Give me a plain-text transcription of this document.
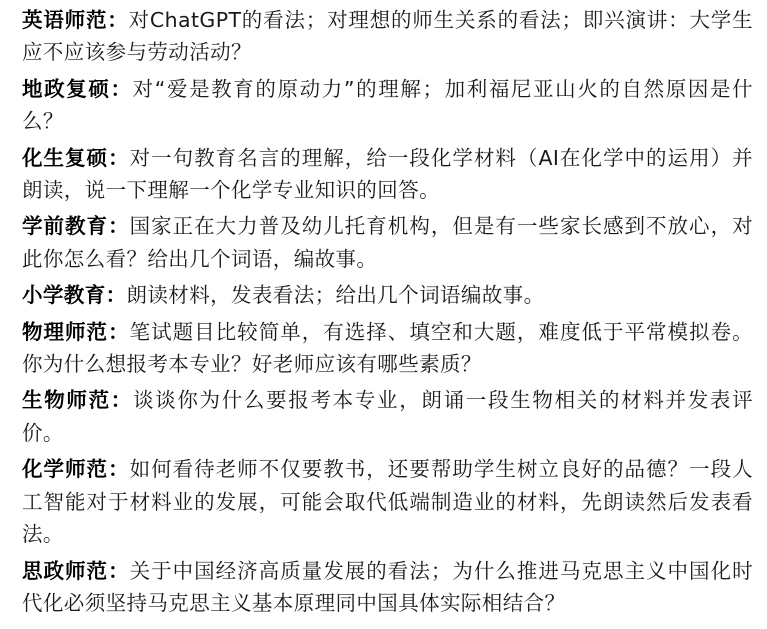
英语师范：对ChatGPT的看法；对理想的师生关系的看法；即兴演讲：大学生应不应该参与劳动活动？

地政复硕：对“爱是教育的原动力”的理解；加利福尼亚山火的自然原因是什么？

化生复硕：对一句教育名言的理解，给一段化学材料（AI在化学中的运用）并朗读，说一下理解一个化学专业知识的回答。

学前教育：国家正在大力普及幼儿托育机构，但是有一些家长感到不放心，对此你怎么看？给出几个词语，编故事。

小学教育：朗读材料，发表看法；给出几个词语编故事。

物理师范：笔试题目比较简单，有选择、填空和大题，难度低于平常模拟卷。你为什么想报考本专业？好老师应该有哪些素质？

生物师范：谈谈你为什么要报考本专业，朗诵一段生物相关的材料并发表评价。

化学师范：如何看待老师不仅要教书，还要帮助学生树立良好的品德？一段人工智能对于材料业的发展，可能会取代低端制造业的材料，先朗读然后发表看法。

思政师范：关于中国经济高质量发展的看法；为什么推进马克思主义中国化时代化必须坚持马克思主义基本原理同中国具体实际相结合？
